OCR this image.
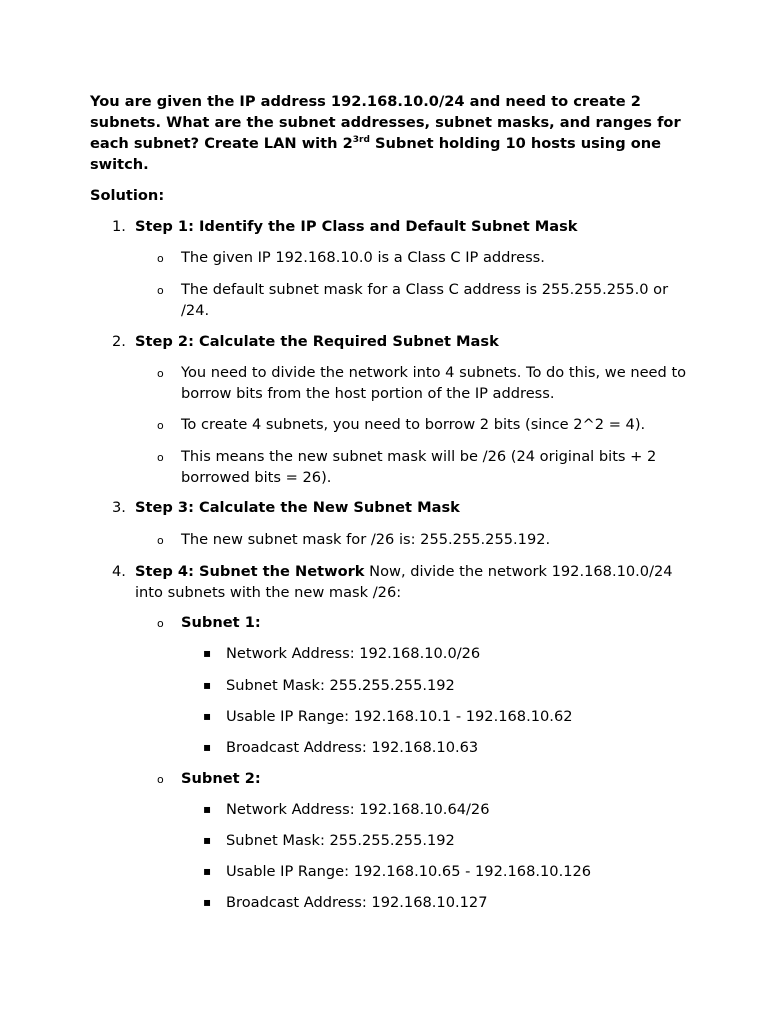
You are given the IP address 192.168.10.0/24 and need to create 2 subnets. What are the subnet addresses, subnet masks, and ranges for each subnet? Create LAN with $2^{3rd}$ Subnet holding 10 hosts using one switch.

Solution:

1. Step 1: Identify the IP Class and Default Subnet Mask
o The given IP 192.168.10.0 is a Class C IP address.
o The default subnet mask for a Class C address is 255.255.255.0 or /24.
2. Step 2: Calculate the Required Subnet Mask
o You need to divide the network into 4 subnets. To do this, we need to borrow bits from the host portion of the IP address.
o To create 4 subnets, you need to borrow 2 bits (since 2^2 = 4).
o This means the new subnet mask will be /26 (24 original bits + 2 borrowed bits = 26).
3. Step 3: Calculate the New Subnet Mask
o The new subnet mask for /26 is: 255.255.255.192.
4. Step 4: Subnet the Network Now, divide the network 192.168.10.0/24 into subnets with the new mask /26:
o Subnet 1:
▪ Network Address: 192.168.10.0/26
▪ Subnet Mask: 255.255.255.192
▪ Usable IP Range: 192.168.10.1 - 192.168.10.62
▪ Broadcast Address: 192.168.10.63
o Subnet 2:
▪ Network Address: 192.168.10.64/26
▪ Subnet Mask: 255.255.255.192
▪ Usable IP Range: 192.168.10.65 - 192.168.10.126
▪ Broadcast Address: 192.168.10.127
